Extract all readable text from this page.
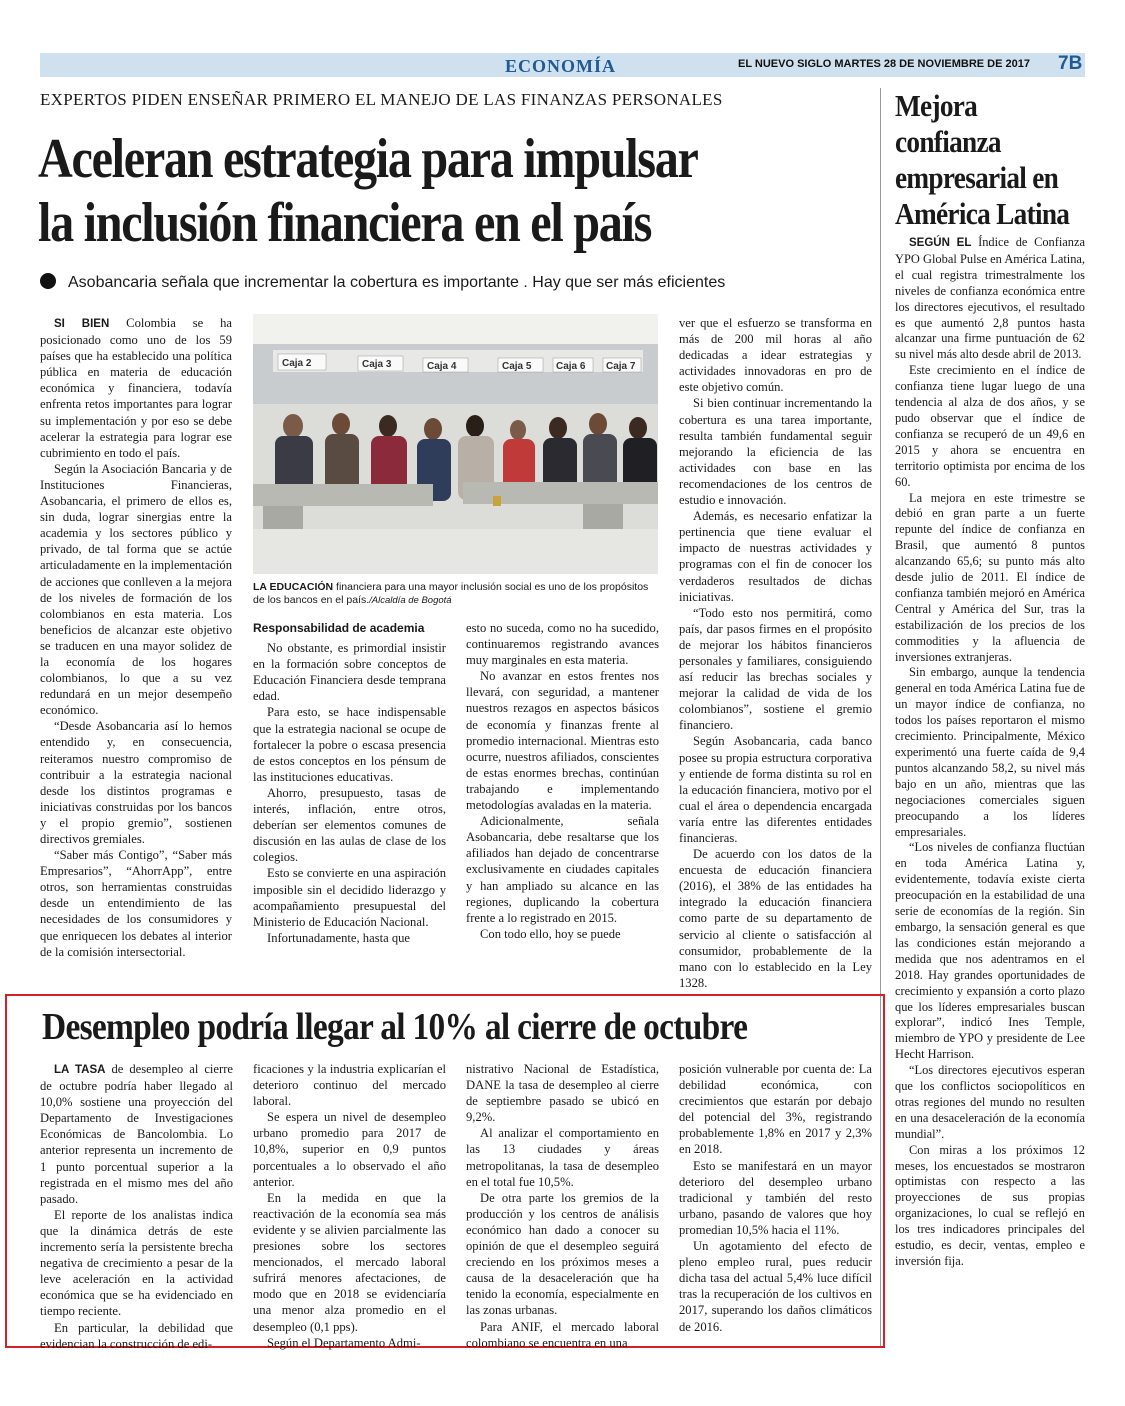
ECONOMÍA	EL NUEVO SIGLO MARTES 28 DE NOVIEMBRE DE 2017 7B
EXPERTOS PIDEN ENSEÑAR PRIMERO EL MANEJO DE LAS FINANZAS PERSONALES
Aceleran estrategia para impulsar
la inclusión financiera en el país
Asobancaria señala que incrementar la cobertura es importante . Hay que ser más eficientes

SI BIEN Colombia se ha posicionado como uno de los 59 países que ha establecido una política pública en materia de educación económica y financiera, todavía enfrenta retos importantes para lograr su implementación y por eso se debe acelerar la estrategia para lograr ese cubrimiento en todo el país.

Según la Asociación Bancaria y de Instituciones Financieras, Asobancaria, el primero de ellos es, sin duda, lograr sinergias entre la academia y los sectores público y privado, de tal forma que se actúe articuladamente en la implementación de acciones que conlleven a la mejora de los niveles de formación de los colombianos en esta materia. Los beneficios de alcanzar este objetivo se traducen en una mayor solidez de la economía de los hogares colombianos, lo que a su vez redundará en un mejor desempeño económico.

“Desde Asobancaria así lo hemos entendido y, en consecuencia, reiteramos nuestro compromiso de contribuir a la estrategia nacional desde los distintos programas e iniciativas construidas por los bancos y el propio gremio”, sostienen directivos gremiales.

“Saber más Contigo”, “Saber más Empresarios”, “AhorrApp”, entre otros, son herramientas construidas desde un entendimiento de las necesidades de los consumidores y que enriquecen los debates al interior de la comisión intersectorial.

Caja 2	Caja 3	Caja 4	Caja 5 Caja 6 Caja 7
LA EDUCACIÓN financiera para una mayor inclusión social es uno de los propósitos de los bancos en el país./Alcaldía de Bogotá
Responsabilidad de academia

No obstante, es primordial insistir en la formación sobre conceptos de Educación Financiera desde temprana edad.

Para esto, se hace indispensable que la estrategia nacional se ocupe de fortalecer la pobre o escasa presencia de estos conceptos en los pénsum de las instituciones educativas.

Ahorro, presupuesto, tasas de interés, inflación, entre otros, deberían ser elementos comunes de discusión en las aulas de clase de los colegios.

Esto se convierte en una aspiración imposible sin el decidido liderazgo y acompañamiento presupuestal del Ministerio de Educación Nacional.

Infortunadamente, hasta que

esto no suceda, como no ha sucedido, continuaremos registrando avances muy marginales en esta materia.

No avanzar en estos frentes nos llevará, con seguridad, a mantener nuestros rezagos en aspectos básicos de economía y finanzas frente al promedio internacional. Mientras esto ocurre, nuestros afiliados, conscientes de estas enormes brechas, continúan trabajando e implementando metodologías avaladas en la materia.

Adicionalmente, señala Asobancaria, debe resaltarse que los afiliados han dejado de concentrarse exclusivamente en ciudades capitales y han ampliado su alcance en las regiones, duplicando la cobertura frente a lo registrado en 2015.

Con todo ello, hoy se puede

ver que el esfuerzo se transforma en más de 200 mil horas al año dedicadas a idear estrategias y actividades innovadoras en pro de este objetivo común.

Si bien continuar incrementando la cobertura es una tarea importante, resulta también fundamental seguir mejorando la eficiencia de las actividades con base en las recomendaciones de los centros de estudio e innovación.

Además, es necesario enfatizar la pertinencia que tiene evaluar el impacto de nuestras actividades y programas con el fin de conocer los verdaderos resultados de dichas iniciativas.

“Todo esto nos permitirá, como país, dar pasos firmes en el propósito de mejorar los hábitos financieros personales y familiares, consiguiendo así reducir las brechas sociales y mejorar la calidad de vida de los colombianos”, sostiene el gremio financiero.

Según Asobancaria, cada banco posee su propia estructura corporativa y entiende de forma distinta su rol en la educación financiera, motivo por el cual el área o dependencia encargada varía entre las diferentes entidades financieras.

De acuerdo con los datos de la encuesta de educación financiera (2016), el 38% de las entidades ha integrado la educación financiera como parte de su departamento de servicio al cliente o satisfacción al consumidor, probablemente de la mano con lo establecido en la Ley 1328.

Mejora confianza empresarial en América Latina

SEGÚN EL Índice de Confianza YPO Global Pulse en América Latina, el cual registra trimestralmente los niveles de confianza económica entre los directores ejecutivos, el resultado es que aumentó 2,8 puntos hasta alcanzar una firme puntuación de 62 su nivel más alto desde abril de 2013.

Este crecimiento en el índice de confianza tiene lugar luego de una tendencia al alza de dos años, y se pudo observar que el índice de confianza se recuperó de un 49,6 en 2015 y ahora se encuentra en territorio optimista por encima de los 60.

La mejora en este trimestre se debió en gran parte a un fuerte repunte del índice de confianza en Brasil, que aumentó 8 puntos alcanzando 65,6; su punto más alto desde julio de 2011. El índice de confianza también mejoró en América Central y América del Sur, tras la estabilización de los precios de los commodities y la afluencia de inversiones extranjeras.

Sin embargo, aunque la tendencia general en toda América Latina fue de un mayor índice de confianza, no todos los países reportaron el mismo crecimiento. Principalmente, México experimentó una fuerte caída de 9,4 puntos alcanzando 58,2, su nivel más bajo en un año, mientras que las negociaciones comerciales siguen preocupando a los líderes empresariales.

“Los niveles de confianza fluctúan en toda América Latina y, evidentemente, todavía existe cierta preocupación en la estabilidad de una serie de economías de la región. Sin embargo, la sensación general es que las condiciones están mejorando a medida que nos adentramos en el 2018. Hay grandes oportunidades de crecimiento y expansión a corto plazo que los líderes empresariales buscan explorar”, indicó Ines Temple, miembro de YPO y presidente de Lee Hecht Harrison.

“Los directores ejecutivos esperan que los conflictos sociopolíticos en otras regiones del mundo no resulten en una desaceleración de la economía mundial”.

Con miras a los próximos 12 meses, los encuestados se mostraron optimistas con respecto a las proyecciones de sus propias organizaciones, lo cual se reflejó en los tres indicadores principales del estudio, es decir, ventas, empleo e inversión fija.

Desempleo podría llegar al 10% al cierre de octubre

LA TASA de desempleo al cierre de octubre podría haber llegado al 10,0% sostiene una proyección del Departamento de Investigaciones Económicas de Bancolombia. Lo anterior representa un incremento de 1 punto porcentual superior a la registrada en el mismo mes del año pasado.

El reporte de los analistas indica que la dinámica detrás de este incremento sería la persistente brecha negativa de crecimiento a pesar de la leve aceleración en la actividad económica que se ha evidenciado en tiempo reciente.

En particular, la debilidad que evidencian la construcción de edi-

ficaciones y la industria explicarían el deterioro continuo del mercado laboral.

Se espera un nivel de desempleo urbano promedio para 2017 de 10,8%, superior en 0,9 puntos porcentuales a lo observado el año anterior.

En la medida en que la reactivación de la economía sea más evidente y se alivien parcialmente las presiones sobre los sectores mencionados, el mercado laboral sufrirá menores afectaciones, de modo que en 2018 se evidenciaría una menor alza promedio en el desempleo (0,1 pps).

Según el Departamento Admi-

nistrativo Nacional de Estadística, DANE la tasa de desempleo al cierre de septiembre pasado se ubicó en 9,2%.

Al analizar el comportamiento en las 13 ciudades y áreas metropolitanas, la tasa de desempleo en el total fue 10,5%.

De otra parte los gremios de la producción y los centros de análisis económico han dado a conocer su opinión de que el desempleo seguirá creciendo en los próximos meses a causa de la desaceleración que ha tenido la economía, especialmente en las zonas urbanas.

Para ANIF, el mercado laboral colombiano se encuentra en una

posición vulnerable por cuenta de: La debilidad económica, con crecimientos que estarán por debajo del potencial del 3%, registrando probablemente 1,8% en 2017 y 2,3% en 2018.

Esto se manifestará en un mayor deterioro del desempleo urbano tradicional y también del resto urbano, pasando de valores que hoy promedian 10,5% hacia el 11%.

Un agotamiento del efecto de pleno empleo rural, pues reducir dicha tasa del actual 5,4% luce difícil tras la recuperación de los cultivos en 2017, superando los daños climáticos de 2016.
